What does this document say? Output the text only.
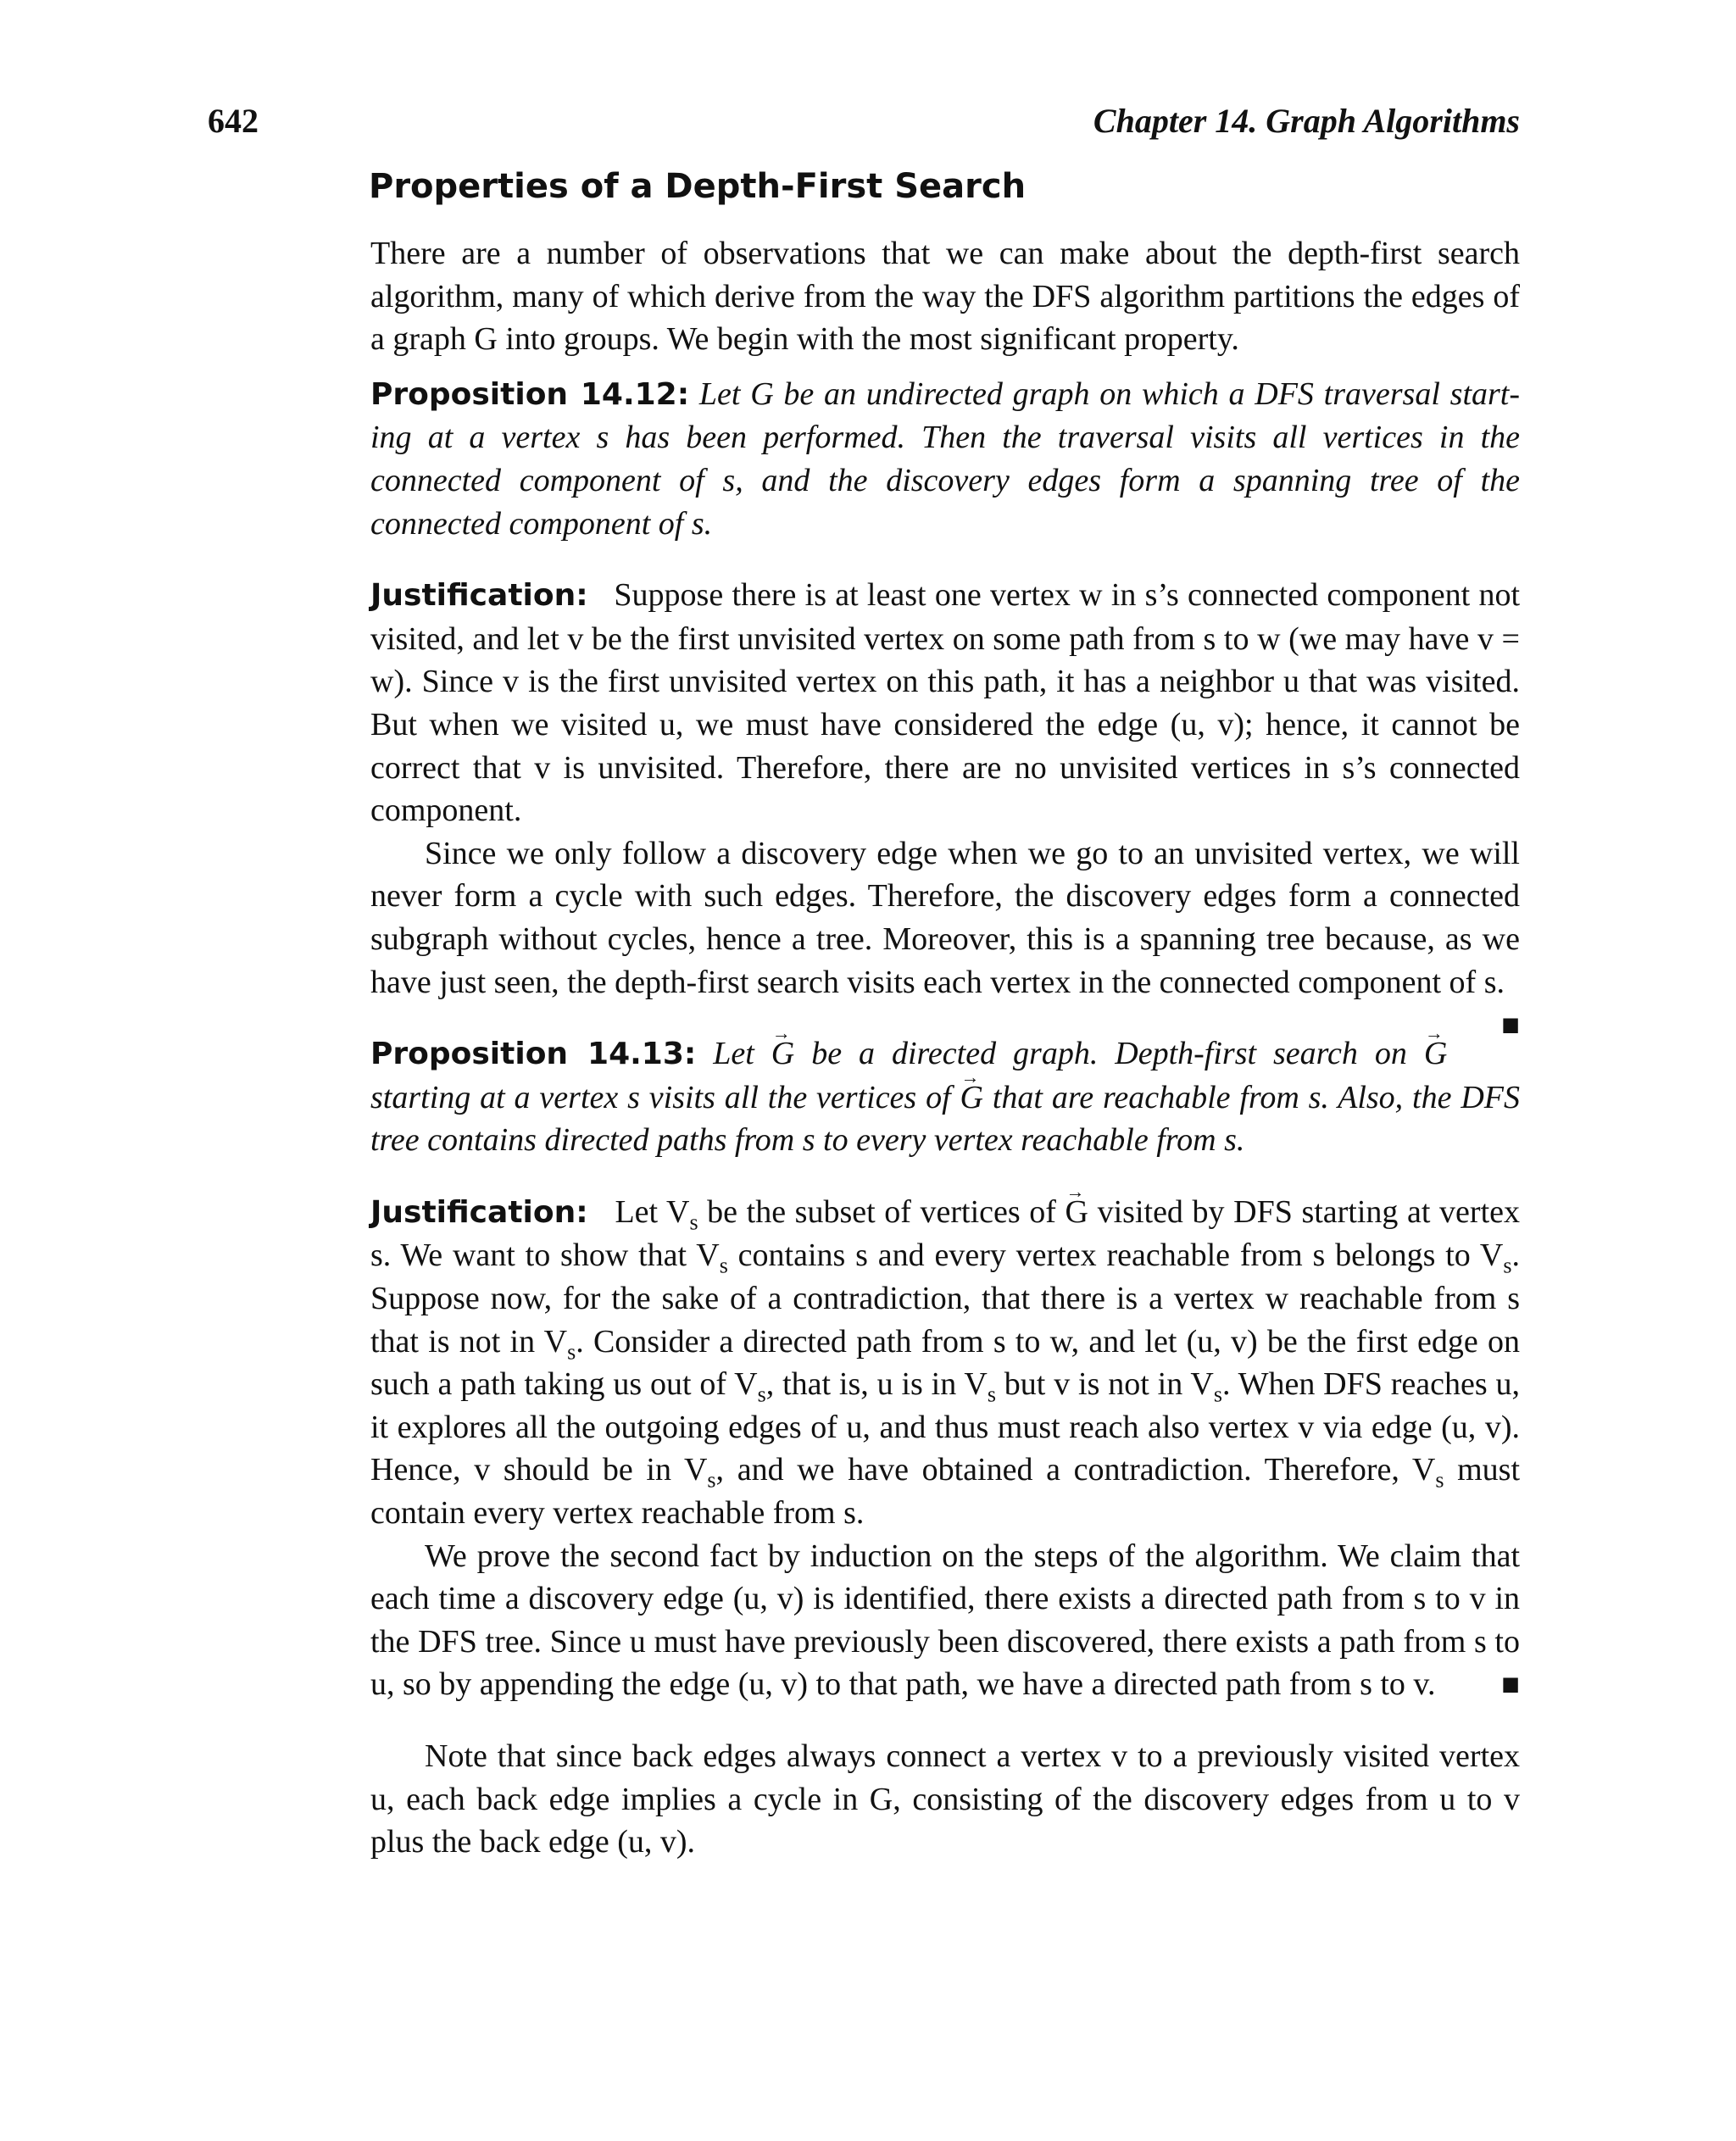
642	Chapter 14. Graph Algorithms
Properties of a Depth-First Search

There are a number of observations that we can make about the depth-first search algorithm, many of which derive from the way the DFS algorithm partitions the edges of a graph G into groups. We begin with the most significant property.

Proposition 14.12: Let G be an undirected graph on which a DFS traversal starting at a vertex s has been performed. Then the traversal visits all vertices in the connected component of s, and the discovery edges form a spanning tree of the connected component of s.

Justification: Suppose there is at least one vertex w in s’s connected component not visited, and let v be the first unvisited vertex on some path from s to w (we may have v = w). Since v is the first unvisited vertex on this path, it has a neighbor u that was visited. But when we visited u, we must have considered the edge (u, v); hence, it cannot be correct that v is unvisited. Therefore, there are no unvisited vertices in s’s connected component.

Since we only follow a discovery edge when we go to an unvisited vertex, we will never form a cycle with such edges. Therefore, the discovery edges form a connected subgraph without cycles, hence a tree. Moreover, this is a spanning tree because, as we have just seen, the depth-first search visits each vertex in the connected component of s.
■

Proposition 14.13: Let → G be a directed graph. Depth-first search on → G starting at a vertex s visits all the vertices of → G that are reachable from s. Also, the DFS tree contains directed paths from s to every vertex reachable from s.

Justification: Let $V_s$ be the subset of vertices of → G visited by DFS starting at vertex s. We want to show that $V_s$ contains s and every vertex reachable from s belongs to $V_s$. Suppose now, for the sake of a contradiction, that there is a vertex w reachable from s that is not in $V_s$. Consider a directed path from s to w, and let (u, v) be the first edge on such a path taking us out of $V_s$, that is, u is in $V_s$ but v is not in $V_s$. When DFS reaches u, it explores all the outgoing edges of u, and thus must reach also vertex v via edge (u, v). Hence, v should be in $V_s$, and we have obtained a contradiction. Therefore, $V_s$ must contain every vertex reachable from s.

We prove the second fact by induction on the steps of the algorithm. We claim that each time a discovery edge (u, v) is identified, there exists a directed path from s to v in the DFS tree. Since u must have previously been discovered, there exists a path from s to u, so by appending the edge (u, v) to that path, we have a directed path from s to v.	■

Note that since back edges always connect a vertex v to a previously visited vertex u, each back edge implies a cycle in G, consisting of the discovery edges from u to v plus the back edge (u, v).
